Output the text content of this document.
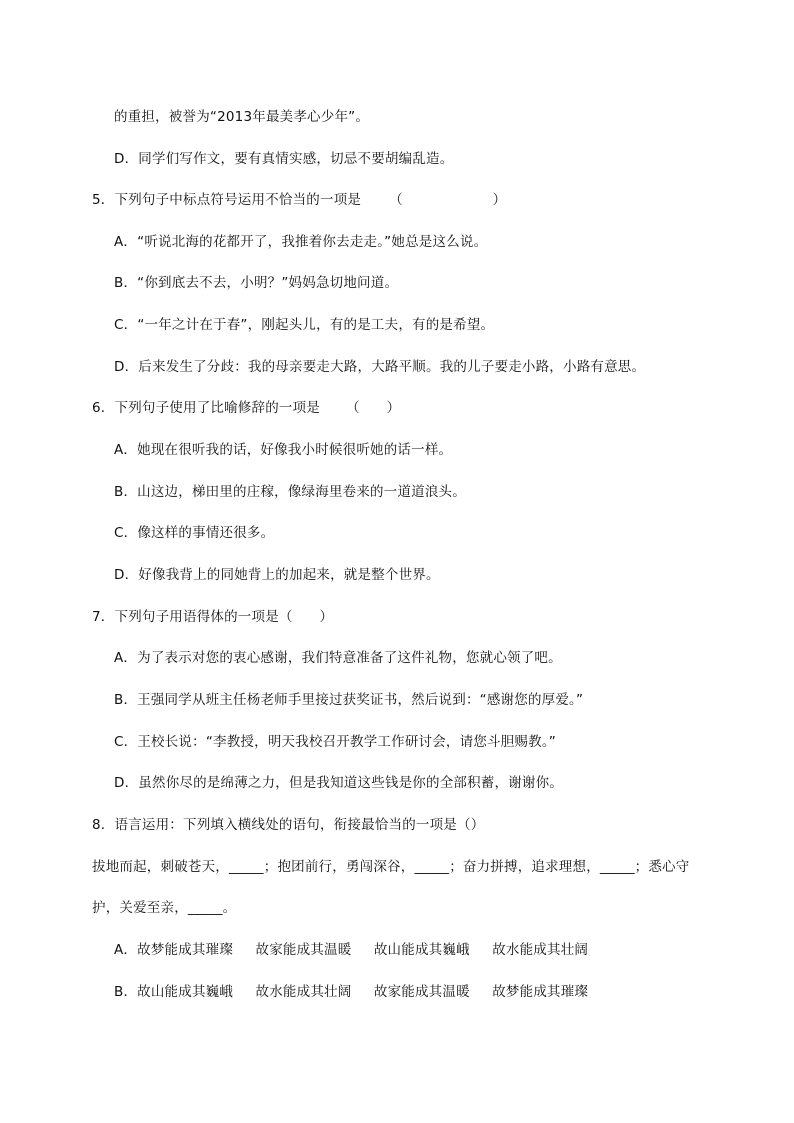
的重担，被誉为“2013年最美孝心少年”。
D．同学们写作文，要有真情实感，切忌不要胡编乱造。
5．下列句子中标点符号运用不恰当的一项是 （                    ）
A．“听说北海的花都开了，我推着你去走走。”她总是这么说。
B．“你到底去不去，小明？”妈妈急切地问道。
C．“一年之计在于春”，刚起头儿，有的是工夫，有的是希望。
D．后来发生了分歧：我的母亲要走大路，大路平顺。我的儿子要走小路，小路有意思。
6．下列句子使用了比喻修辞的一项是 （      ）
A．她现在很听我的话，好像我小时候很听她的话一样。
B．山这边，梯田里的庄稼，像绿海里卷来的一道道浪头。
C．像这样的事情还很多。
D．好像我背上的同她背上的加起来，就是整个世界。
7．下列句子用语得体的一项是（      ）
A．为了表示对您的衷心感谢，我们特意准备了这件礼物，您就心领了吧。
B．王强同学从班主任杨老师手里接过获奖证书，然后说到：“感谢您的厚爱。”
C．王校长说：“李教授，明天我校召开教学工作研讨会，请您斗胆赐教。”
D．虽然你尽的是绵薄之力，但是我知道这些钱是你的全部积蓄，谢谢你。
8．语言运用：下列填入横线处的语句，衔接最恰当的一项是（）
拔地而起，刺破苍天，_____；抱团前行，勇闯深谷，_____；奋力拼搏，追求理想，_____；悉心守
护，关爱至亲，_____。
A．故梦能成其璀璨     故家能成其温暖     故山能成其巍峨     故水能成其壮阔
B．故山能成其巍峨     故水能成其壮阔     故家能成其温暖     故梦能成其璀璨
